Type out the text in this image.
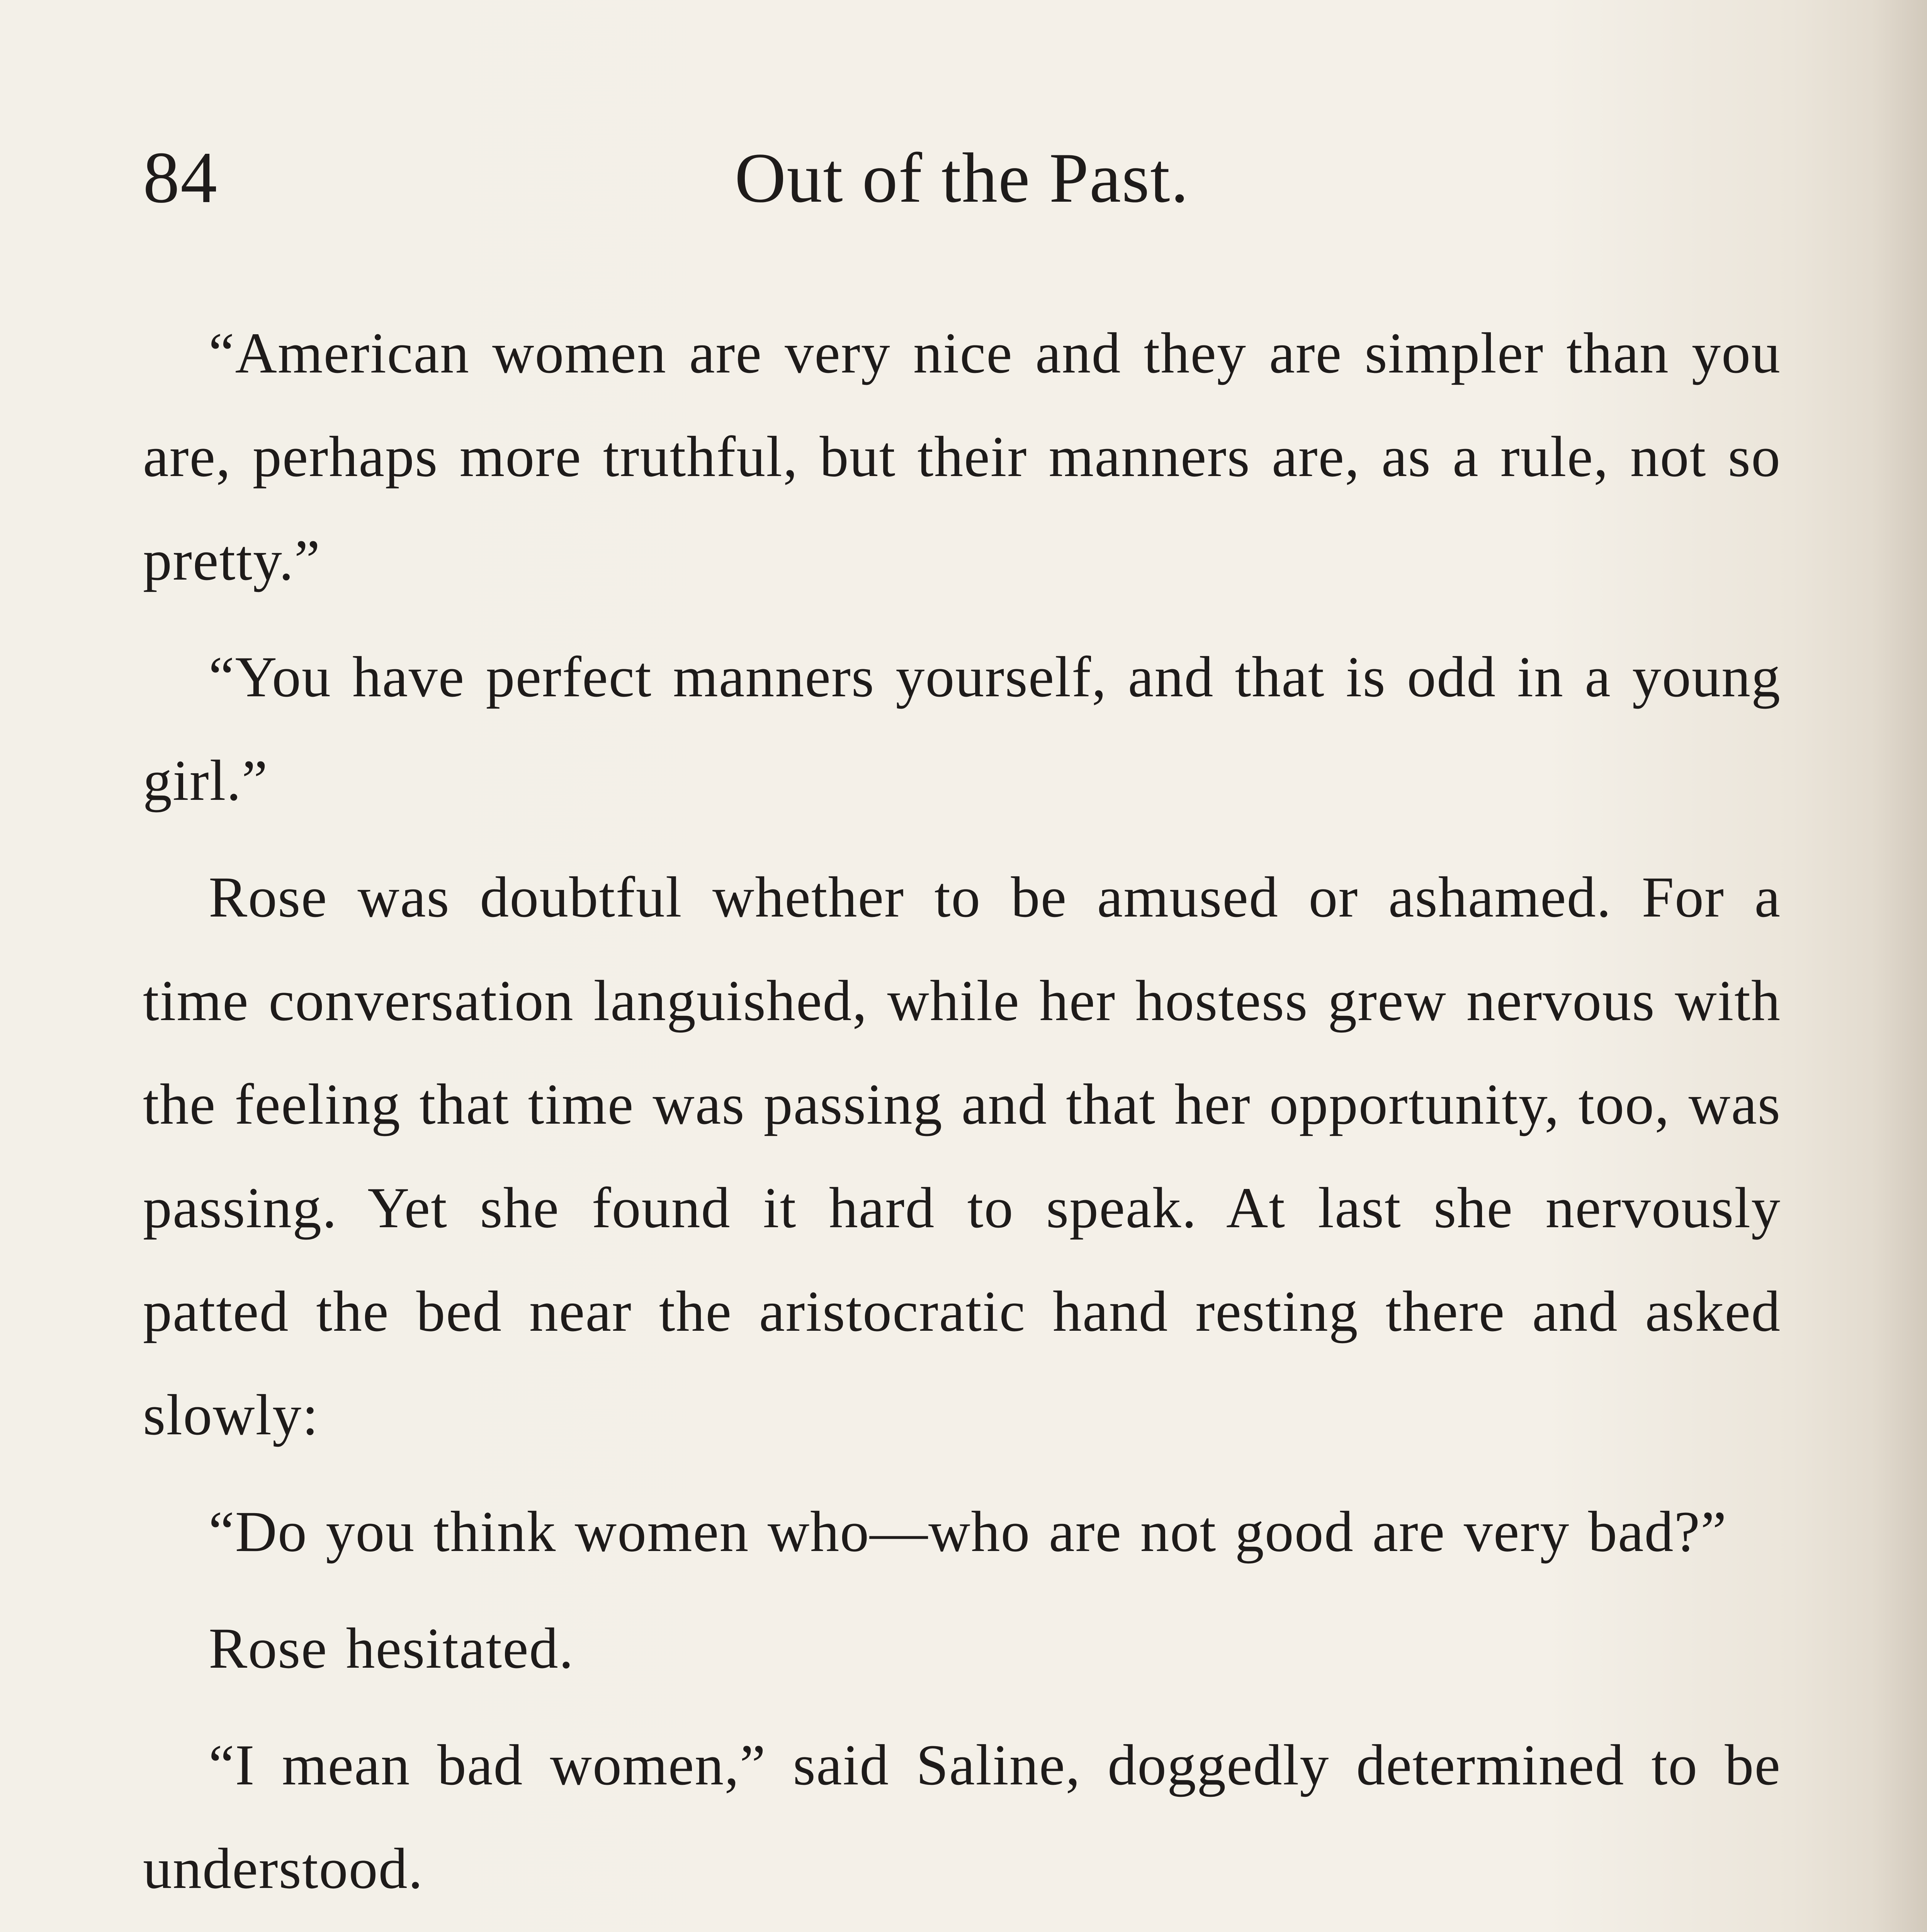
84	Out of the Past.

“American women are very nice and they are simpler than you are, perhaps more truthful, but their manners are, as a rule, not so pretty.”

“You have perfect manners yourself, and that is odd in a young girl.”

Rose was doubtful whether to be amused or ashamed. For a time conversation languished, while her hostess grew nervous with the feeling that time was passing and that her opportunity, too, was passing. Yet she found it hard to speak. At last she nervously patted the bed near the aristocratic hand resting there and asked slowly:

“Do you think women who—who are not good are very bad?”

Rose hesitated.

“I mean bad women,” said Saline, doggedly determined to be understood.
